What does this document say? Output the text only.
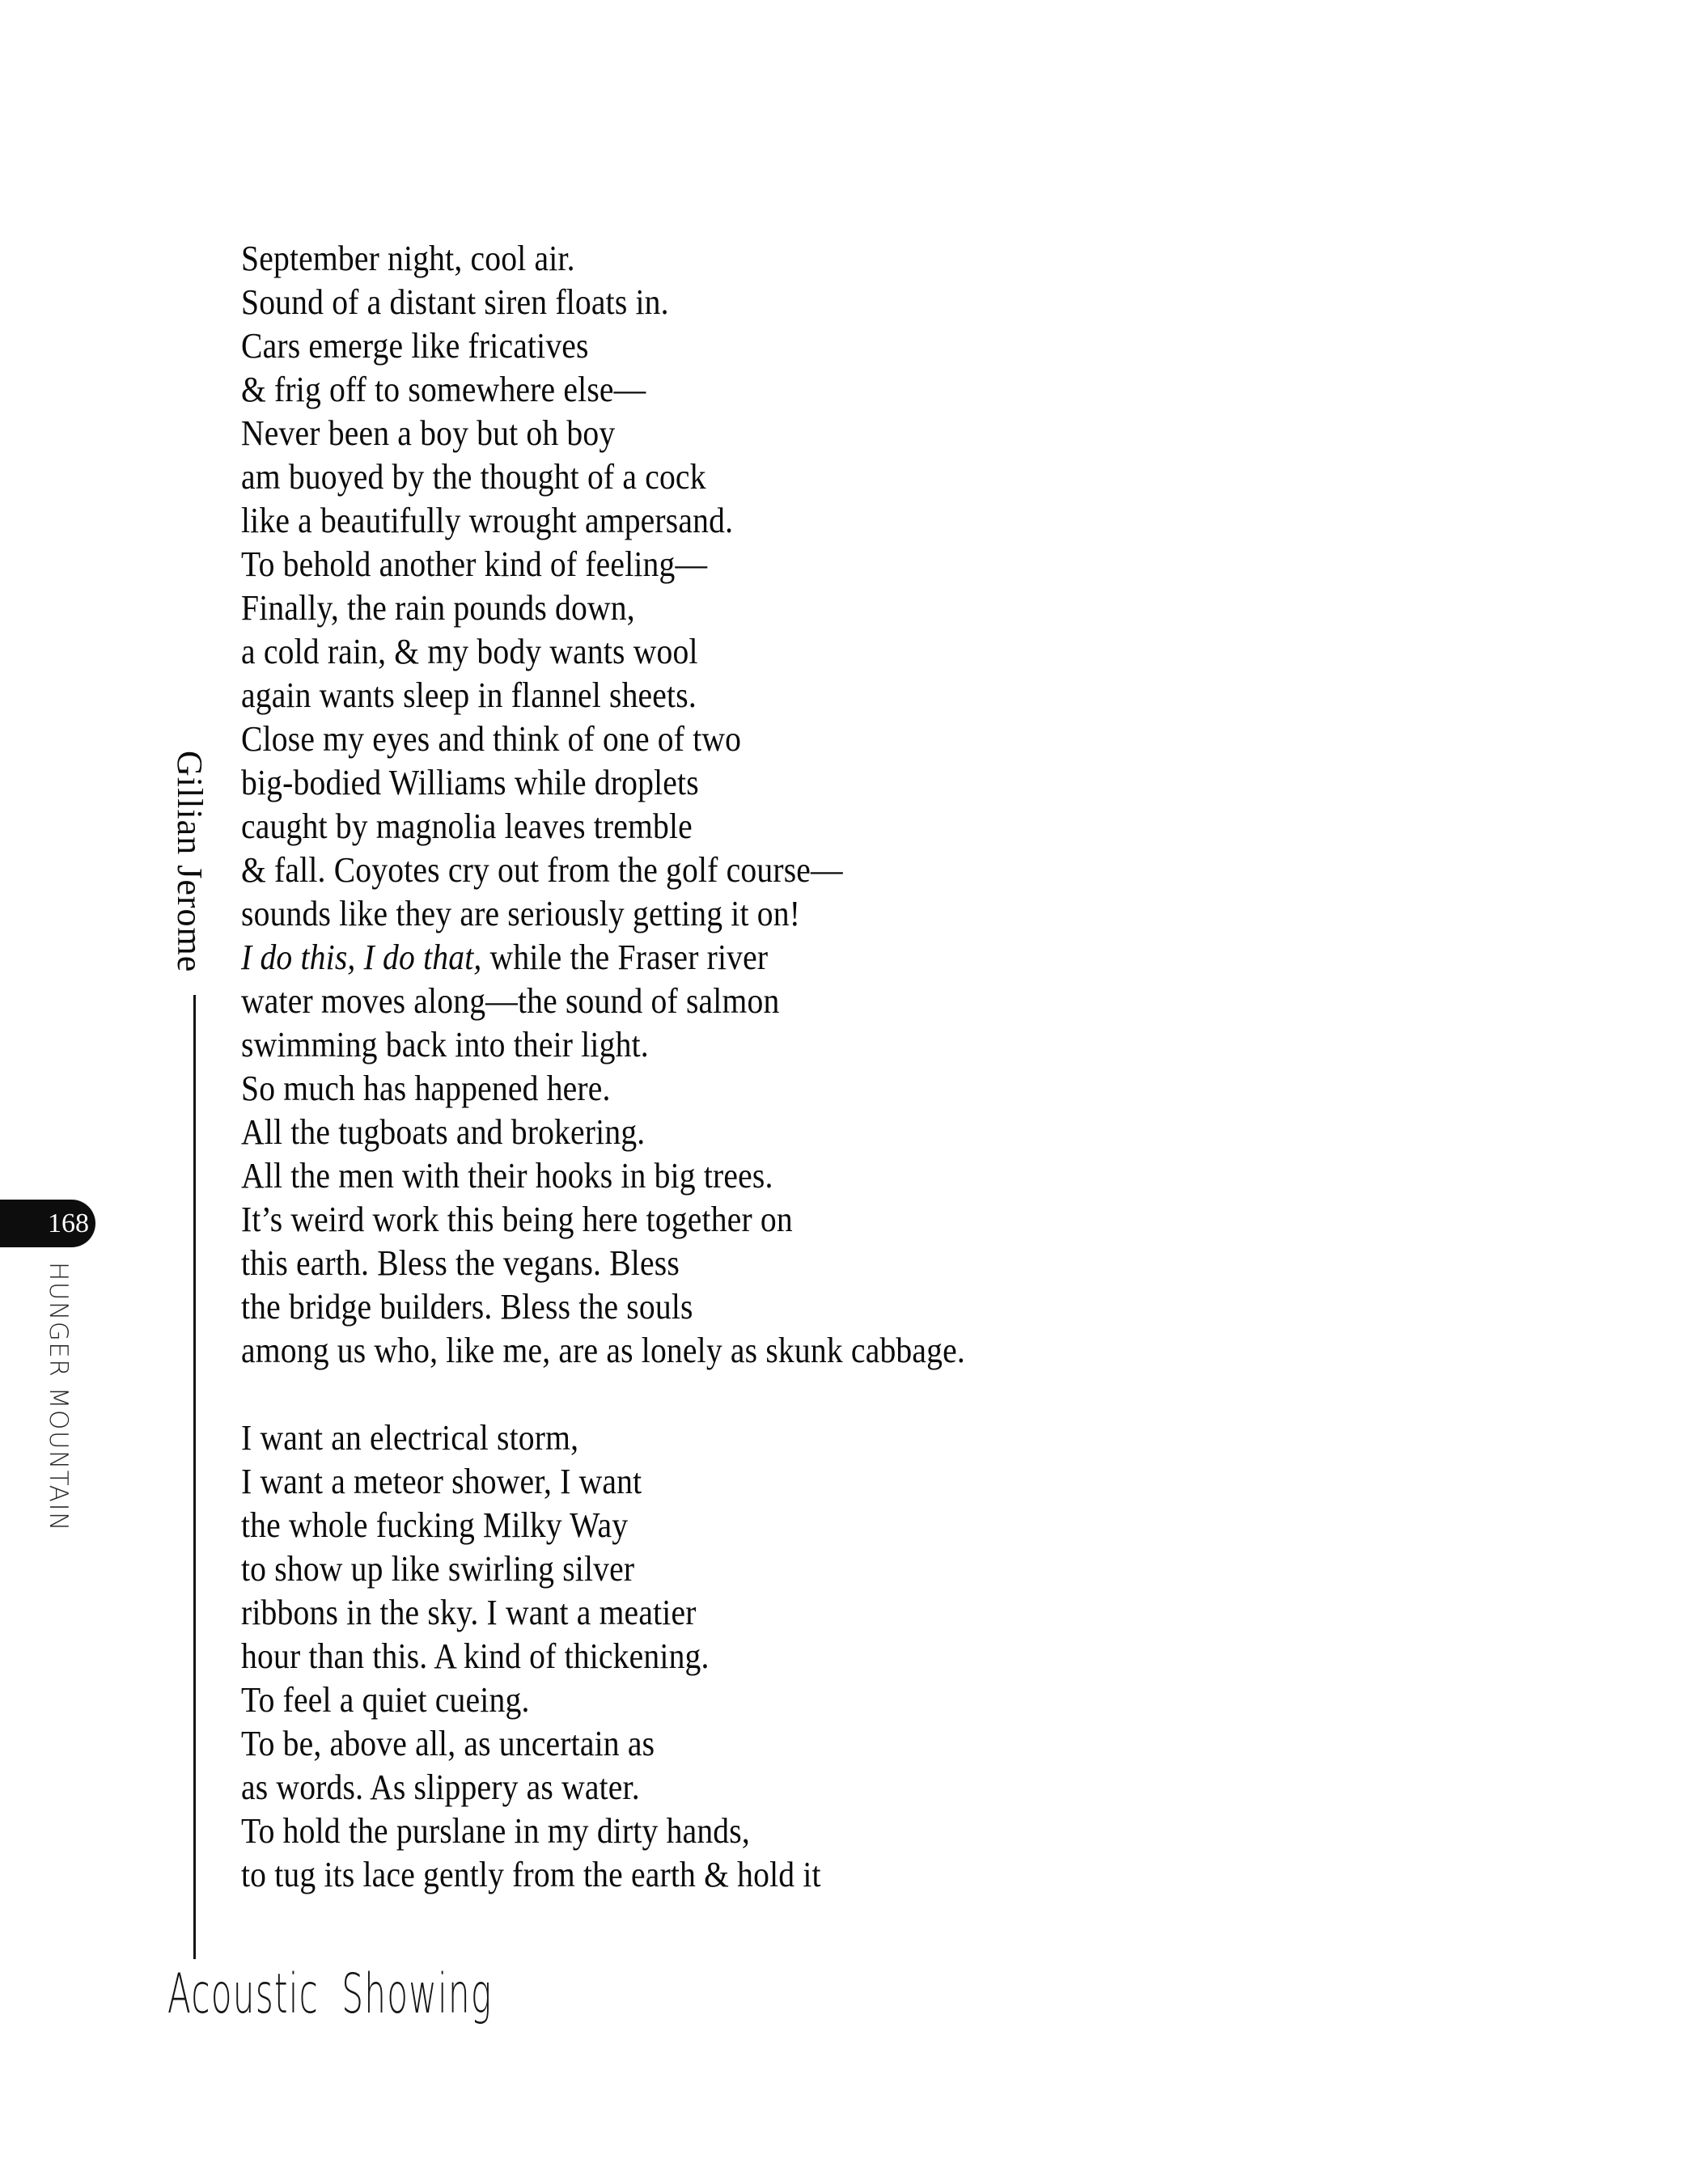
September night, cool air.
Sound of a distant siren floats in.
Cars emerge like fricatives
& frig off to somewhere else—
Never been a boy but oh boy
am buoyed by the thought of a cock
like a beautifully wrought ampersand.
To behold another kind of feeling—
Finally, the rain pounds down,
a cold rain, & my body wants wool
again wants sleep in flannel sheets.
Close my eyes and think of one of two
big-bodied Williams while droplets
caught by magnolia leaves tremble
& fall. Coyotes cry out from the golf course—
sounds like they are seriously getting it on!
I do this, I do that, while the Fraser river
water moves along—the sound of salmon
swimming back into their light.
So much has happened here.
All the tugboats and brokering.
All the men with their hooks in big trees.
It’s weird work this being here together on
this earth. Bless the vegans. Bless
the bridge builders. Bless the souls
among us who, like me, are as lonely as skunk cabbage.
I want an electrical storm,
I want a meteor shower, I want
the whole fucking Milky Way
to show up like swirling silver
ribbons in the sky. I want a meatier
hour than this. A kind of thickening.
To feel a quiet cueing.
To be, above all, as uncertain as
as words. As slippery as water.
To hold the purslane in my dirty hands,
to tug its lace gently from the earth & hold it
Gillian Jerome
168
HUNGER MOUNTAIN
Acoustic Showing
